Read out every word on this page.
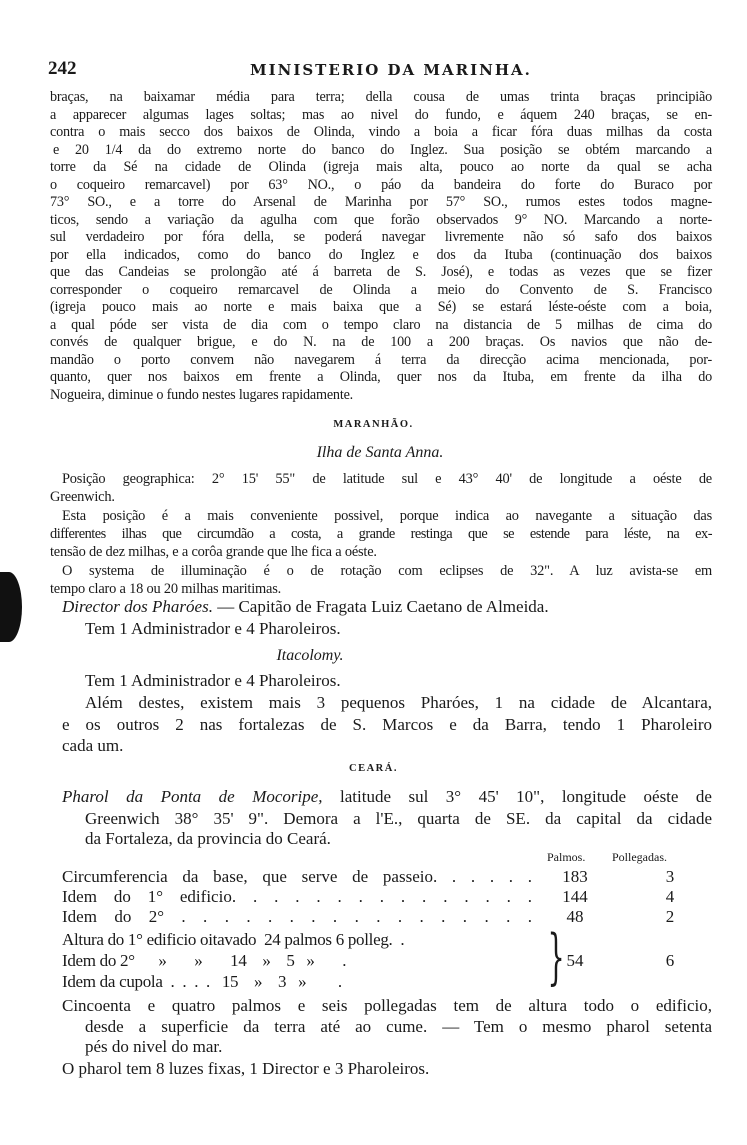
242	MINISTERIO DA MARINHA.
braças, na baixamar média para terra; della cousa de umas trinta braças principião
a apparecer algumas lages soltas; mas ao nivel do fundo, e áquem 240 braças, se en-
contra o mais secco dos baixos de Olinda, vindo a boia a ficar fóra duas milhas da costa
e 20 1/4 da do extremo norte do banco do Inglez. Sua posição se obtém marcando a
torre da Sé na cidade de Olinda (igreja mais alta, pouco ao norte da qual se acha
o coqueiro remarcavel) por 63° NO., o páo da bandeira do forte do Buraco por
73° SO., e a torre do Arsenal de Marinha por 57° SO., rumos estes todos magne-
ticos, sendo a variação da agulha com que forão observados 9° NO. Marcando a norte-
sul verdadeiro por fóra della, se poderá navegar livremente não só safo dos baixos
por ella indicados, como do banco do Inglez e dos da Ituba (continuação dos baixos
que das Candeias se prolongão até á barreta de S. José), e todas as vezes que se fizer
corresponder o coqueiro remarcavel de Olinda a meio do Convento de S. Francisco
(igreja pouco mais ao norte e mais baixa que a Sé) se estará léste-oéste com a boia,
a qual póde ser vista de dia com o tempo claro na distancia de 5 milhas de cima do
convés de qualquer brigue, e do N. na de 100 a 200 braças. Os navios que não de-
mandão o porto convem não navegarem á terra da direcção acima mencionada, por-
quanto, quer nos baixos em frente a Olinda, quer nos da Ituba, em frente da ilha do
Nogueira, diminue o fundo nestes lugares rapidamente.
MARANHÃO.
Ilha de Santa Anna.
Posição geographica: 2° 15' 55" de latitude sul e 43° 40' de longitude a oéste de
Greenwich.
Esta posição é a mais conveniente possivel, porque indica ao navegante a situação das
differentes ilhas que circumdão a costa, a grande restinga que se estende para léste, na ex-
tensão de dez milhas, e a corôa grande que lhe fica a oéste.
O systema de illuminação é o de rotação com eclipses de 32". A luz avista-se em
tempo claro a 18 ou 20 milhas maritimas.
Director dos Pharóes. — Capitão de Fragata Luiz Caetano de Almeida.
Tem 1 Administrador e 4 Pharoleiros.
Itacolomy.
Tem 1 Administrador e 4 Pharoleiros.
Além destes, existem mais 3 pequenos Pharóes, 1 na cidade de Alcantara,
e os outros 2 nas fortalezas de S. Marcos e da Barra, tendo 1 Pharoleiro
cada um.
CEARÁ.
Pharol da Ponta de Mocoripe, latitude sul 3° 45' 10", longitude oéste de
Greenwich 38° 35' 9". Demora a l'E., quarta de SE. da capital da cidade
da Fortaleza, da provincia do Ceará.
Palmos. Pollegadas.
Circumferencia da base, que serve de passeio. . . . . .	183	3
Idem do 1° edificio. . . . . . . . . . . . . . .	144	4
Idem do 2° . . . . . . . . . . . . . . . . .	48	2
Altura do 1° edificio oitavado  24 palmos 6 polleg.  .
Idem do 2°      »       »       14    »    5   »       .
Idem da cupola  .  .  .  .   15    »    3   »        .	} 54	6
Cincoenta e quatro palmos e seis pollegadas tem de altura todo o edificio,
desde a superficie da terra até ao cume. — Tem o mesmo pharol setenta
pés do nivel do mar.
O pharol tem 8 luzes fixas, 1 Director e 3 Pharoleiros.
